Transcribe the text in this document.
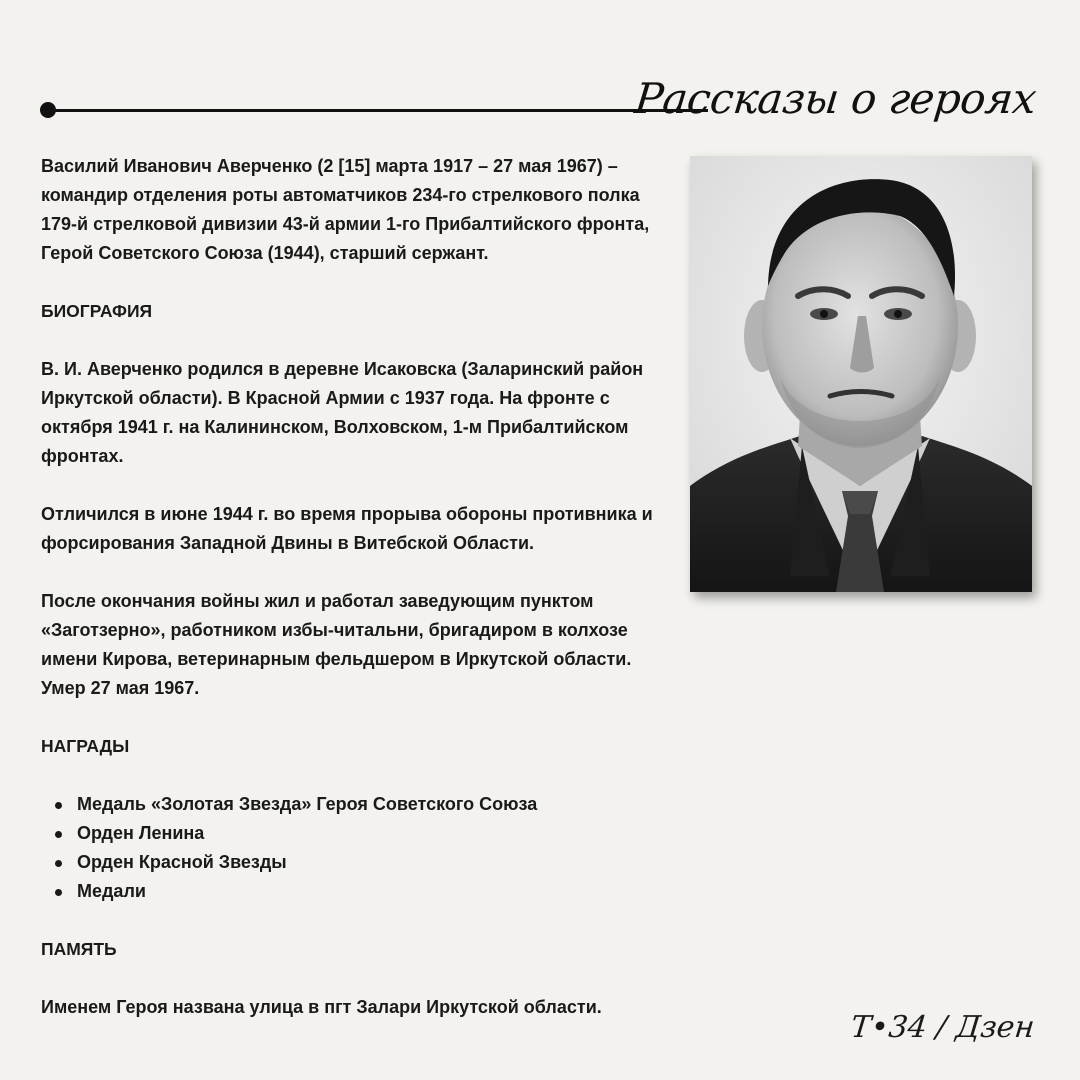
Рассказы о героях

Василий Иванович Аверченко (2 [15] марта 1917 – 27 мая 1967) – командир отделения роты автоматчиков 234-го стрелкового полка 179-й стрелковой дивизии 43-й армии 1-го Прибалтийского фронта, Герой Советского Союза (1944), старший сержант.

БИОГРАФИЯ

В. И. Аверченко родился в деревне Исаковска (Заларинский район Иркутской области). В Красной Армии с 1937 года. На фронте с октября 1941 г. на Калининском, Волховском, 1-м Прибалтийском фронтах.

Отличился в июне 1944 г. во время прорыва обороны противника и форсирования Западной Двины в Витебской Области.

После окончания войны жил и работал заведующим пунктом «Заготзерно», работником избы-читальни, бригадиром в колхозе имени Кирова, ветеринарным фельдшером в Иркутской области. Умер 27 мая 1967.

НАГРАДЫ

Медаль «Золотая Звезда» Героя Советского Союза
Орден Ленина
Орден Красной Звезды
Медали

ПАМЯТЬ

Именем Героя названа улица в пгт Залари Иркутской области.

Т•34 / Дзен
